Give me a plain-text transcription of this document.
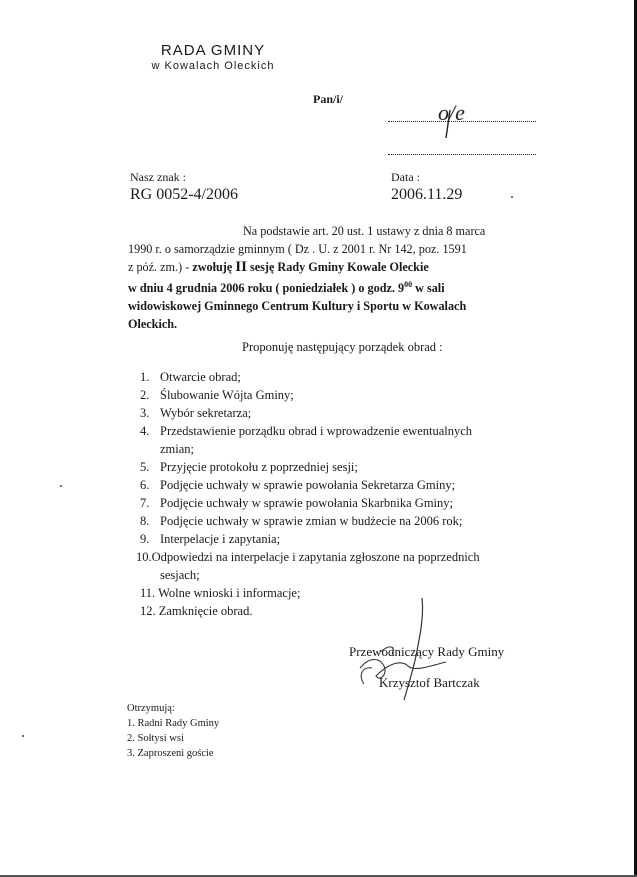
RADA GMINY
w Kowalach Oleckich
Pan/i/
o/e
Nasz znak :
RG 0052-4/2006
Data :
2006.11.29

Na podstawie art. 20 ust. 1 ustawy z dnia 8 marca

1990 r. o samorządzie gminnym ( Dz . U. z 2001 r. Nr 142, poz. 1591

z póź. zm.) - zwołuję II sesję Rady Gminy Kowale Oleckie

w dniu 4 grudnia 2006 roku ( poniedziałek ) o godz. $9^{00}$ w sali

widowiskowej Gminnego Centrum Kultury i Sportu w Kowalach

Oleckich.

Proponuję następujący porządek obrad :
1. Otwarcie obrad;
2. Ślubowanie Wójta Gminy;
3. Wybór sekretarza;
4. Przedstawienie porządku obrad i wprowadzenie ewentualnych
zmian;
5. Przyjęcie protokołu z poprzedniej sesji;
6. Podjęcie uchwały w sprawie powołania Sekretarza Gminy;
7. Podjęcie uchwały w sprawie powołania Skarbnika Gminy;
8. Podjęcie uchwały w sprawie zmian w budżecie na 2006 rok;
9. Interpelacje i zapytania;
10.Odpowiedzi na interpelacje i zapytania zgłoszone na poprzednich
sesjach;
11. Wolne wnioski i informacje;
12. Zamknięcie obrad.
Przewodniczący Rady Gminy
Krzysztof Bartczak
Otrzymują:
1. Radni Rady Gminy
2. Sołtysi wsi
3. Zaproszeni goście
